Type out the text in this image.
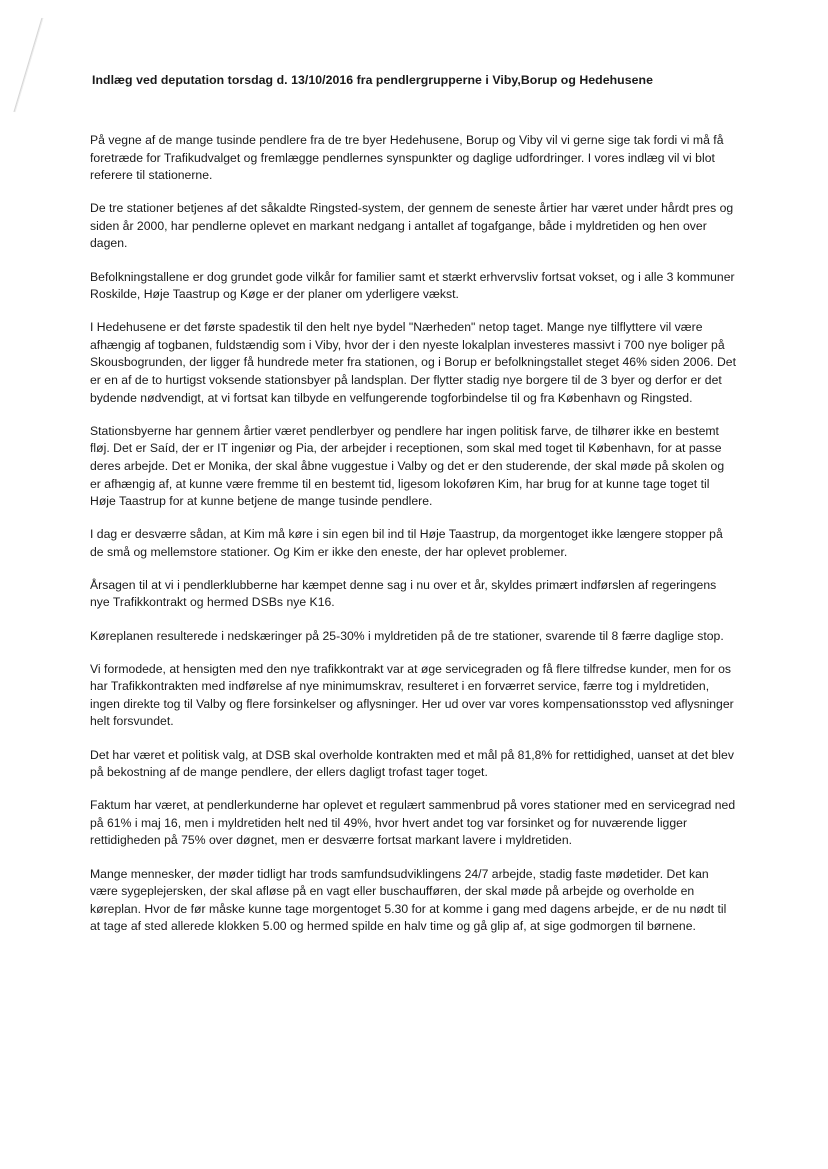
Indlæg ved deputation torsdag d. 13/10/2016 fra pendlergrupperne i Viby,Borup og Hedehusene

På vegne af de mange tusinde pendlere fra de tre byer Hedehusene, Borup og Viby vil vi gerne sige tak fordi vi må få foretræde for Trafikudvalget og fremlægge pendlernes synspunkter og daglige udfordringer. I vores indlæg vil vi blot referere til stationerne.

De tre stationer betjenes af det såkaldte Ringsted-system, der gennem de seneste årtier har været under hårdt pres og siden år 2000, har pendlerne oplevet en markant nedgang i antallet af togafgange, både i myldretiden og hen over dagen.

Befolkningstallene er dog grundet gode vilkår for familier samt et stærkt erhvervsliv fortsat vokset, og i alle 3 kommuner Roskilde, Høje Taastrup og Køge er der planer om yderligere vækst.

I Hedehusene er det første spadestik til den helt nye bydel "Nærheden" netop taget. Mange nye tilflyttere vil være afhængig af togbanen, fuldstændig som i Viby, hvor der i den nyeste lokalplan investeres massivt i 700 nye boliger på Skousbogrunden, der ligger få hundrede meter fra stationen, og i Borup er befolkningstallet steget 46% siden 2006. Det er en af de to hurtigst voksende stationsbyer på landsplan. Der flytter stadig nye borgere til de 3 byer og derfor er det bydende nødvendigt, at vi fortsat kan tilbyde en velfungerende togforbindelse til og fra København og Ringsted.

Stationsbyerne har gennem årtier været pendlerbyer og pendlere har ingen politisk farve, de tilhører ikke en bestemt fløj. Det er Saíd, der er IT ingeniør og Pia, der arbejder i receptionen, som skal med toget til København, for at passe deres arbejde. Det er Monika, der skal åbne vuggestue i Valby og det er den studerende, der skal møde på skolen og er afhængig af, at kunne være fremme til en bestemt tid, ligesom lokoføren Kim, har brug for at kunne tage toget til Høje Taastrup for at kunne betjene de mange tusinde pendlere.

I dag er desværre sådan, at Kim må køre i sin egen bil ind til Høje Taastrup, da morgentoget ikke længere stopper på de små og mellemstore stationer. Og Kim er ikke den eneste, der har oplevet problemer.

Årsagen til at vi i pendlerklubberne har kæmpet denne sag i nu over et år, skyldes primært indførslen af regeringens nye Trafikkontrakt og hermed DSBs nye K16.

Køreplanen resulterede i nedskæringer på 25-30% i myldretiden på de tre stationer, svarende til 8 færre daglige stop.

Vi formodede, at hensigten med den nye trafikkontrakt var at øge servicegraden og få flere tilfredse kunder, men for os har Trafikkontrakten med indførelse af nye minimumskrav, resulteret i en forværret service, færre tog i myldretiden, ingen direkte tog til Valby og flere forsinkelser og aflysninger. Her ud over var vores kompensationsstop ved aflysninger helt forsvundet.

Det har været et politisk valg, at DSB skal overholde kontrakten med et mål på 81,8% for rettidighed, uanset at det blev på bekostning af de mange pendlere, der ellers dagligt trofast tager toget.

Faktum har været, at pendlerkunderne har oplevet et regulært sammenbrud på vores stationer med en servicegrad ned på 61% i maj 16, men i myldretiden helt ned til 49%, hvor hvert andet tog var forsinket og for nuværende ligger rettidigheden på 75% over døgnet, men er desværre fortsat markant lavere i myldretiden.

Mange mennesker, der møder tidligt har trods samfundsudviklingens 24/7 arbejde, stadig faste mødetider. Det kan være sygeplejersken, der skal afløse på en vagt eller buschaufføren, der skal møde på arbejde og overholde en køreplan. Hvor de før måske kunne tage morgentoget 5.30 for at komme i gang med dagens arbejde, er de nu nødt til at tage af sted allerede klokken 5.00 og hermed spilde en halv time og gå glip af, at sige godmorgen til børnene.
